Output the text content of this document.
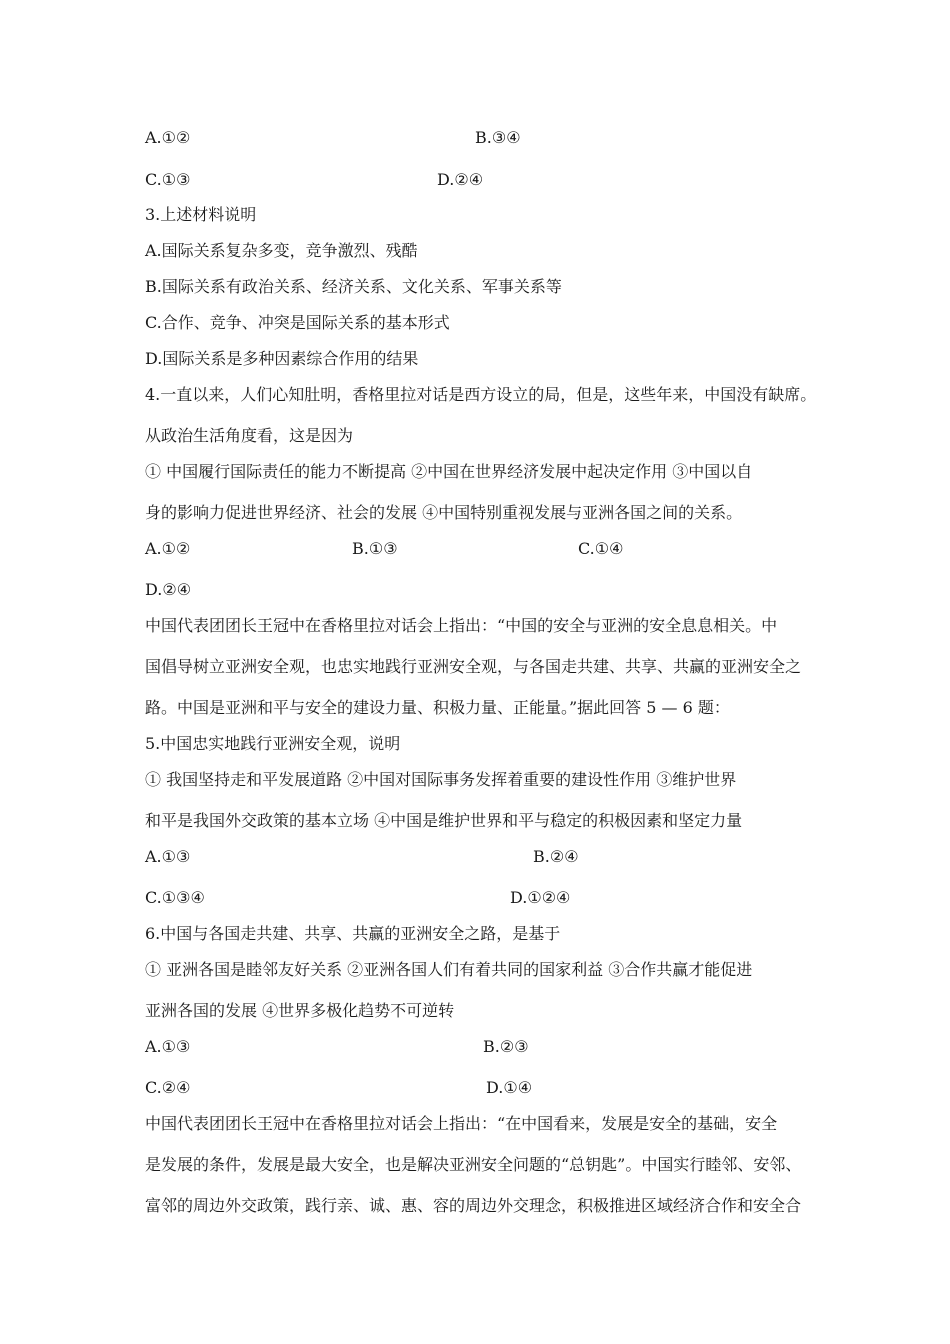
A.①②	B.③④
C.①③	D.②④
3.上述材料说明
A.国际关系复杂多变，竞争激烈、残酷
B.国际关系有政治关系、经济关系、文化关系、军事关系等
C.合作、竞争、冲突是国际关系的基本形式
D.国际关系是多种因素综合作用的结果
4.一直以来，人们心知肚明，香格里拉对话是西方设立的局，但是，这些年来，中国没有缺席。
从政治生活角度看，这是因为
① 中国履行国际责任的能力不断提高 ②中国在世界经济发展中起决定作用 ③中国以自
身的影响力促进世界经济、社会的发展 ④中国特别重视发展与亚洲各国之间的关系。
A.①②	B.①③	C.①④
D.②④
中国代表团团长王冠中在香格里拉对话会上指出：“中国的安全与亚洲的安全息息相关。中
国倡导树立亚洲安全观，也忠实地践行亚洲安全观，与各国走共建、共享、共赢的亚洲安全之
路。中国是亚洲和平与安全的建设力量、积极力量、正能量。”据此回答 5 — 6 题：
5.中国忠实地践行亚洲安全观，说明
① 我国坚持走和平发展道路 ②中国对国际事务发挥着重要的建设性作用 ③维护世界
和平是我国外交政策的基本立场 ④中国是维护世界和平与稳定的积极因素和坚定力量
A.①③	B.②④
C.①③④	D.①②④
6.中国与各国走共建、共享、共赢的亚洲安全之路，是基于
① 亚洲各国是睦邻友好关系 ②亚洲各国人们有着共同的国家利益 ③合作共赢才能促进
亚洲各国的发展 ④世界多极化趋势不可逆转
A.①③	B.②③
C.②④	D.①④
中国代表团团长王冠中在香格里拉对话会上指出：“在中国看来，发展是安全的基础，安全
是发展的条件，发展是最大安全，也是解决亚洲安全问题的“总钥匙”。中国实行睦邻、安邻、
富邻的周边外交政策，践行亲、诚、惠、容的周边外交理念，积极推进区域经济合作和安全合
